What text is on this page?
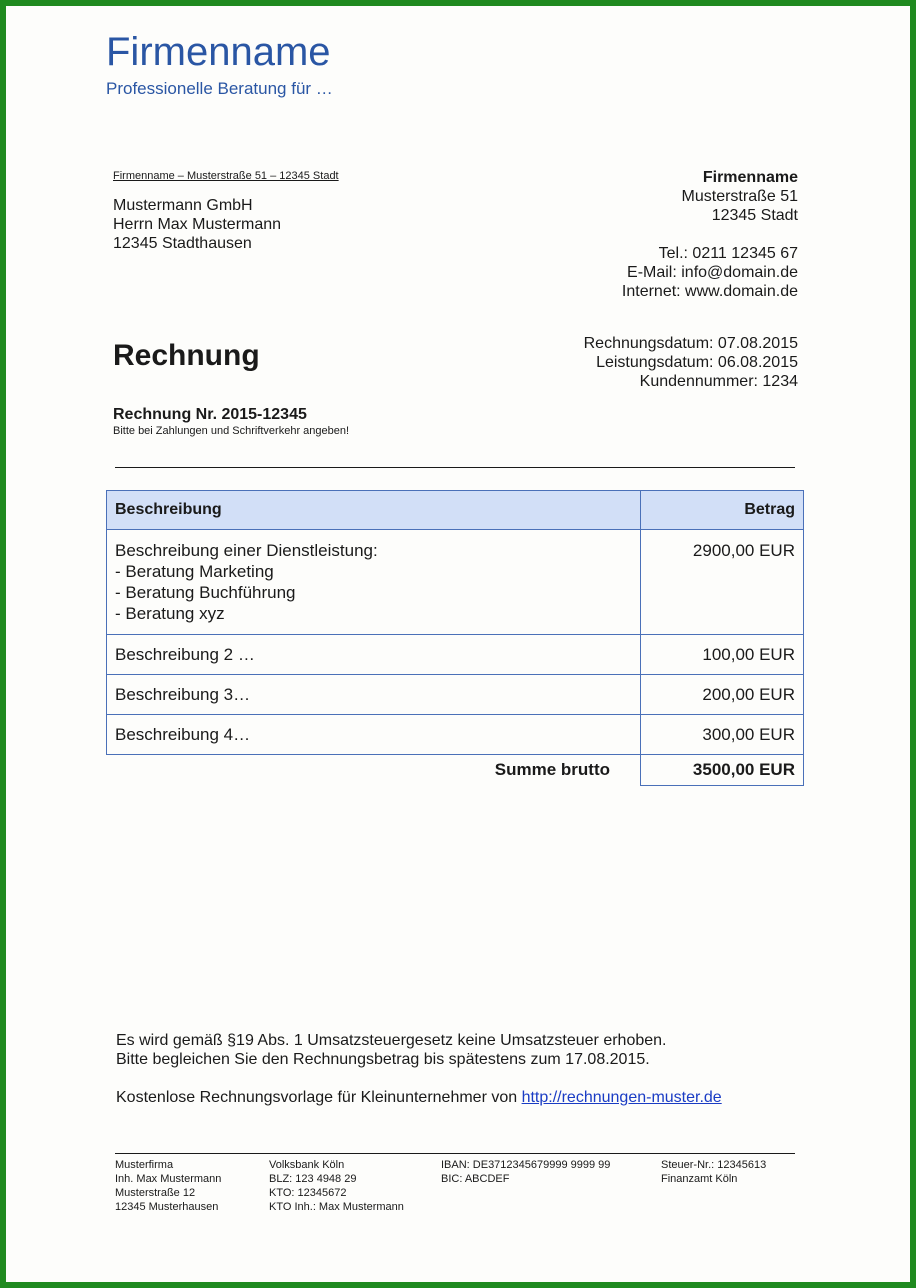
Firmenname
Professionelle Beratung für …
Firmenname – Musterstraße 51 – 12345 Stadt
Mustermann GmbH
Herrn Max Mustermann
12345 Stadthausen
Firmenname
Musterstraße 51
12345 Stadt
Tel.: 0211 12345 67
E-Mail: info@domain.de
Internet: www.domain.de
Rechnung	Rechnungsdatum: 07.08.2015
Leistungsdatum: 06.08.2015
Kundennummer: 1234
Rechnung Nr. 2015-12345
Bitte bei Zahlungen und Schriftverkehr angeben!
Beschreibung	Betrag

Beschreibung einer Dienstleistung:
- Beratung Marketing
- Beratung Buchführung
- Beratung xyz	2900,00 EUR
Beschreibung 2 …	100,00 EUR
Beschreibung 3…	200,00 EUR
Beschreibung 4…	300,00 EUR
Summe brutto	3500,00 EUR
Es wird gemäß §19 Abs. 1 Umsatzsteuergesetz keine Umsatzsteuer erhoben.
Bitte begleichen Sie den Rechnungsbetrag bis spätestens zum 17.08.2015.
Kostenlose Rechnungsvorlage für Kleinunternehmer von http://rechnungen-muster.de
Musterfirma
Inh. Max Mustermann
Musterstraße 12
12345 Musterhausen
Volksbank Köln
BLZ: 123 4948 29
KTO: 12345672
KTO Inh.: Max Mustermann
IBAN: DE3712345679999 9999 99
BIC: ABCDEF
Steuer-Nr.: 12345613
Finanzamt Köln
